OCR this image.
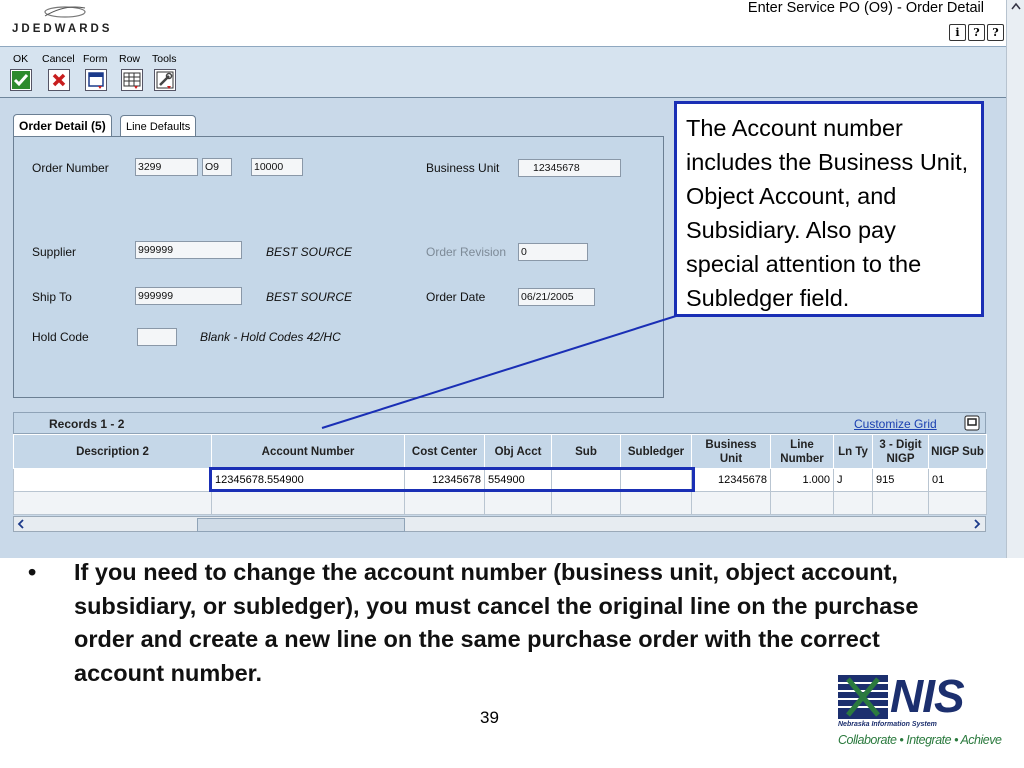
JDEDWARDS
Enter Service PO (O9) - Order Detail
i	?	?
OK Cancel Form Row Tools
Order Detail (5)	Line Defaults
Order Number	3299	O9	10000	Business Unit	12345678
Supplier	999999	BEST SOURCE	Order Revision 0
Ship To	999999	BEST SOURCE	Order Date	06/21/2005
Hold Code	Blank - Hold Codes 42/HC
Records 1 - 2	Customize Grid
Description 2	Account Number	Cost Center	Obj Acct	Sub	Subledger	Business Unit	Line Number	Ln Ty	3 - Digit NIGP	NIGP Sub
	12345678.554900	12345678	554900			12345678	1.000	J	915	01

The Account number includes the Business Unit, Object Account, and Subsidiary. Also pay special attention to the Subledger field.
• If you need to change the account number (business unit, object account, subsidiary, or subledger), you must cancel the original line on the purchase order and create a new line on the same purchase order with the correct account number.
39	NIS
Nebraska Information System
Collaborate • Integrate • Achieve
